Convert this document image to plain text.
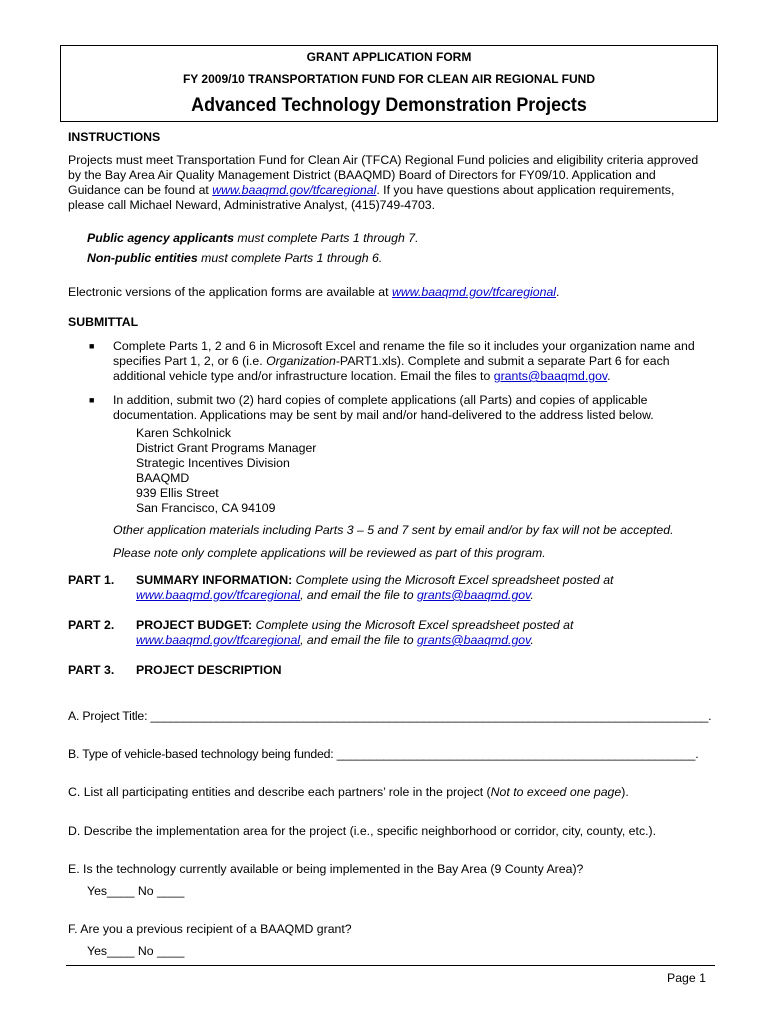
GRANT APPLICATION FORM
FY 2009/10 TRANSPORTATION FUND FOR CLEAN AIR REGIONAL FUND
Advanced Technology Demonstration Projects
INSTRUCTIONS
Projects must meet Transportation Fund for Clean Air (TFCA) Regional Fund policies and eligibility criteria approved
by the Bay Area Air Quality Management District (BAAQMD) Board of Directors for FY09/10. Application and
Guidance can be found at www.baaqmd.gov/tfcaregional. If you have questions about application requirements,
please call Michael Neward, Administrative Analyst, (415)749-4703.
Public agency applicants must complete Parts 1 through 7.
Non-public entities must complete Parts 1 through 6.
Electronic versions of the application forms are available at www.baaqmd.gov/tfcaregional.
SUBMITTAL
■ Complete Parts 1, 2 and 6 in Microsoft Excel and rename the file so it includes your organization name and
specifies Part 1, 2, or 6 (i.e. Organization-PART1.xls). Complete and submit a separate Part 6 for each
additional vehicle type and/or infrastructure location. Email the files to grants@baaqmd.gov.
■ In addition, submit two (2) hard copies of complete applications (all Parts) and copies of applicable
documentation. Applications may be sent by mail and/or hand-delivered to the address listed below.
Karen Schkolnick
District Grant Programs Manager
Strategic Incentives Division
BAAQMD
939 Ellis Street
San Francisco, CA 94109
Other application materials including Parts 3 – 5 and 7 sent by email and/or by fax will not be accepted.
Please note only complete applications will be reviewed as part of this program.
PART 1. SUMMARY INFORMATION: Complete using the Microsoft Excel spreadsheet posted at
www.baaqmd.gov/tfcaregional, and email the file to grants@baaqmd.gov.
PART 2. PROJECT BUDGET: Complete using the Microsoft Excel spreadsheet posted at
www.baaqmd.gov/tfcaregional, and email the file to grants@baaqmd.gov.
PART 3. PROJECT DESCRIPTION
A. Project Title: ____________________________________________________________________________________.
B. Type of vehicle-based technology being funded: ______________________________________________________.
C. List all participating entities and describe each partners’ role in the project (Not to exceed one page).
D. Describe the implementation area for the project (i.e., specific neighborhood or corridor, city, county, etc.).
E. Is the technology currently available or being implemented in the Bay Area (9 County Area)?
Yes____ No ____
F. Are you a previous recipient of a BAAQMD grant?
Yes____ No ____
Page 1
